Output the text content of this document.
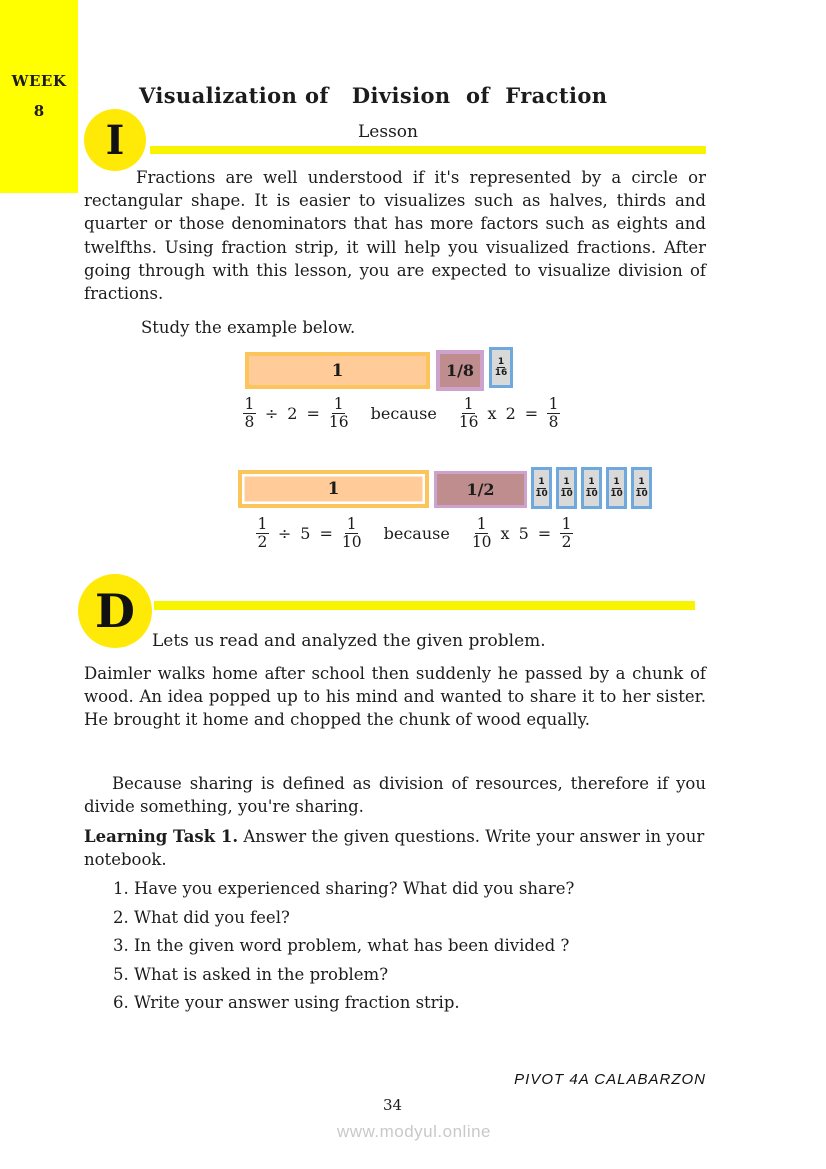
WEEK
8
Visualization of   Division  of  Fraction
I	Lesson

Fractions are well understood if it's represented by a circle or rectangular shape. It is easier to visualizes such as halves, thirds and quarter or those denominators that has more factors such as eights and twelfths. Using fraction strip, it will help you visualized fractions. After going through with this lesson, you are expected to visualize division of fractions.

Study the example below.

1	1/8	$\frac{1}{16}$
$\frac{1}{8} \div 2 = \frac{1}{16}$ because $\frac{1}{16}$ x $2 = \frac{1}{8}$
1	1/2	$\frac{1}{10} \frac{1}{10} \frac{1}{10} \frac{1}{10} \frac{1}{10}$
$\frac{1}{2} \div 5 = \frac{1}{10}$ because $\frac{1}{10}$ x $5 = \frac{1}{2}$
D

Lets us read and analyzed the given problem.

Daimler walks home after school then suddenly he passed by a chunk of wood. An idea popped up to his mind and wanted to share it to her sister. He brought it home and chopped the chunk of wood equally.

Because sharing is defined as division of resources, therefore if you divide something, you're sharing.

Learning Task 1. Answer the given questions. Write your answer in your notebook.

1. Have you experienced sharing? What did you share?
2. What did you feel?
3. In the given word problem, what has been divided ?
5. What is asked in the problem?
6. Write your answer using fraction strip.
PIVOT 4A CALABARZON
34
www.modyul.online
